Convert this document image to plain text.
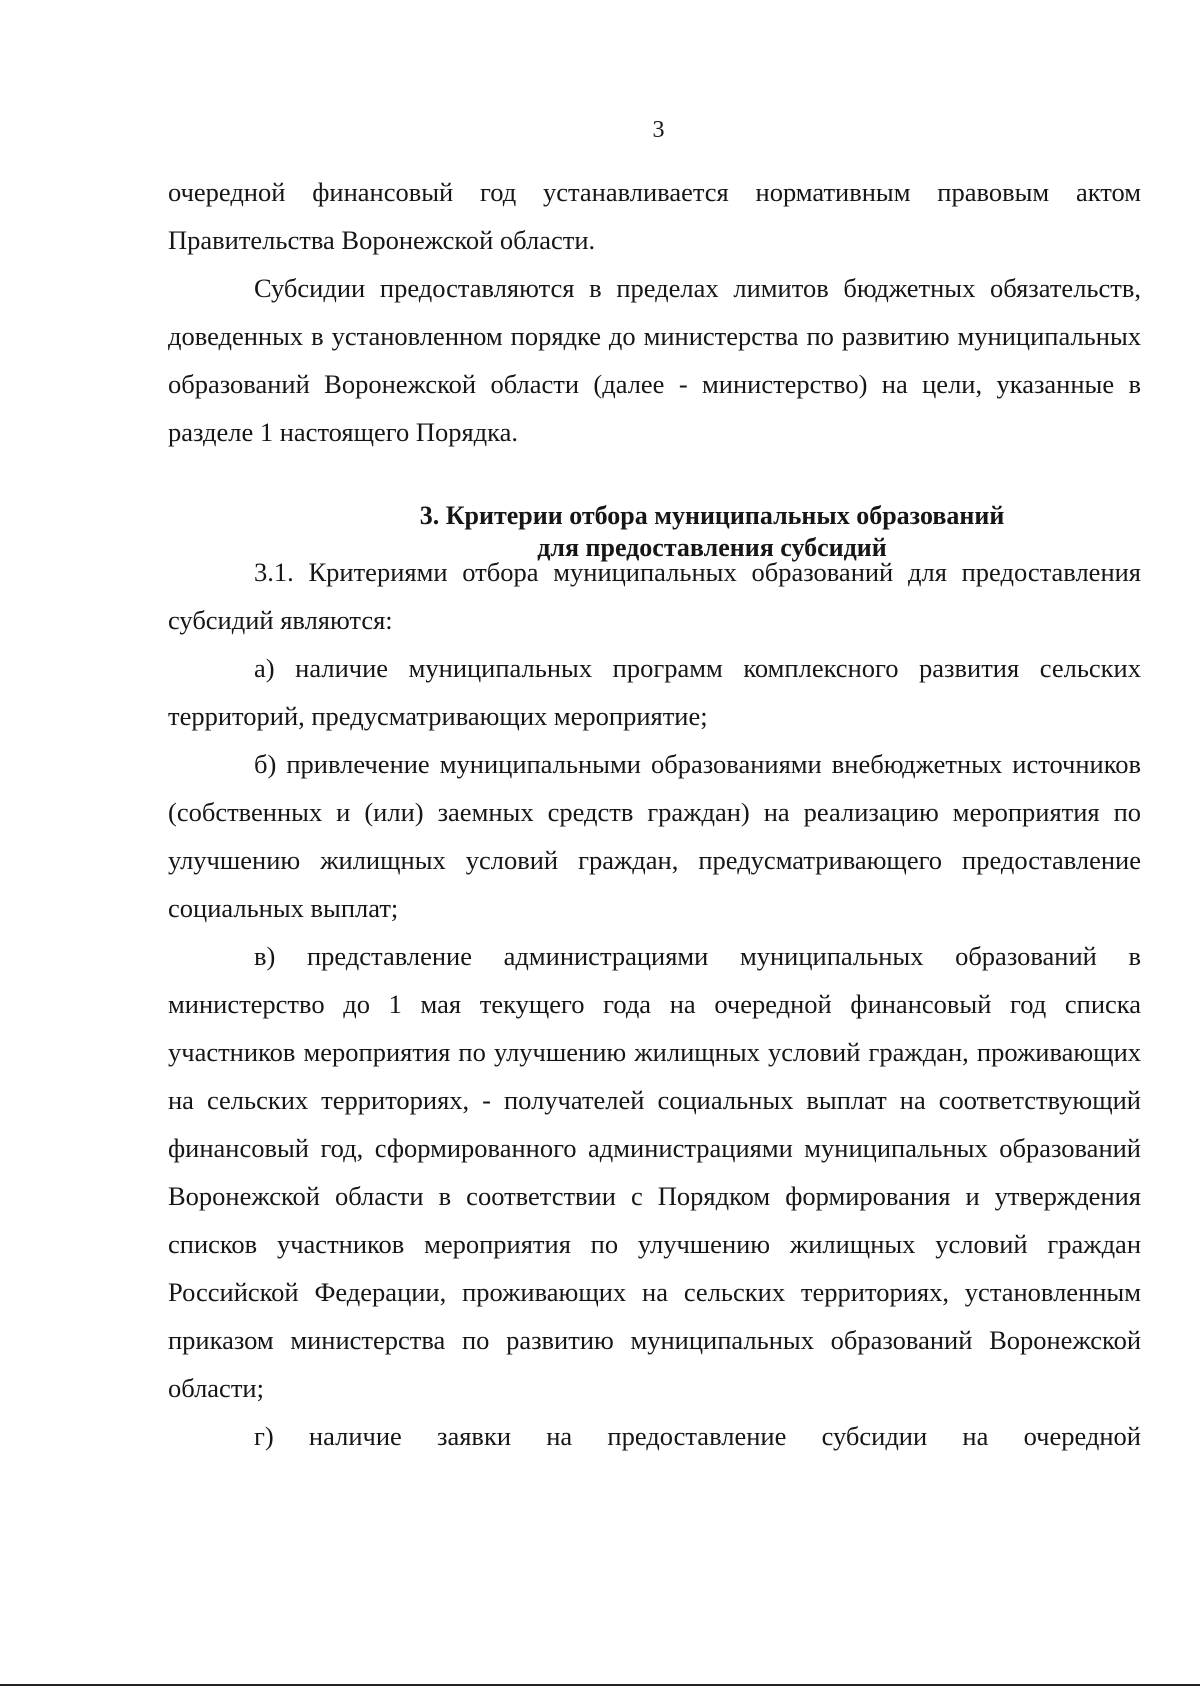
3

очередной финансовый год устанавливается нормативным правовым актом Правительства Воронежской области.

Субсидии предоставляются в пределах лимитов бюджетных обязательств, доведенных в установленном порядке до министерства по развитию муниципальных образований Воронежской области (далее - министерство) на цели, указанные в разделе 1 настоящего Порядка.

3. Критерии отбора муниципальных образований
для предоставления субсидий

3.1. Критериями отбора муниципальных образований для предоставления субсидий являются:

а) наличие муниципальных программ комплексного развития сельских территорий, предусматривающих мероприятие;

б) привлечение муниципальными образованиями внебюджетных источников (собственных и (или) заемных средств граждан) на реализацию мероприятия по улучшению жилищных условий граждан, предусматривающего предоставление социальных выплат;

в) представление администрациями муниципальных образований в министерство до 1 мая текущего года на очередной финансовый год списка участников мероприятия по улучшению жилищных условий граждан, проживающих на сельских территориях, - получателей социальных выплат на соответствующий финансовый год, сформированного администрациями муниципальных образований Воронежской области в соответствии с Порядком формирования и утверждения списков участников мероприятия по улучшению жилищных условий граждан Российской Федерации, проживающих на сельских территориях, установленным приказом министерства по развитию муниципальных образований Воронежской области;

г) наличие заявки на предоставление субсидии на очередной
